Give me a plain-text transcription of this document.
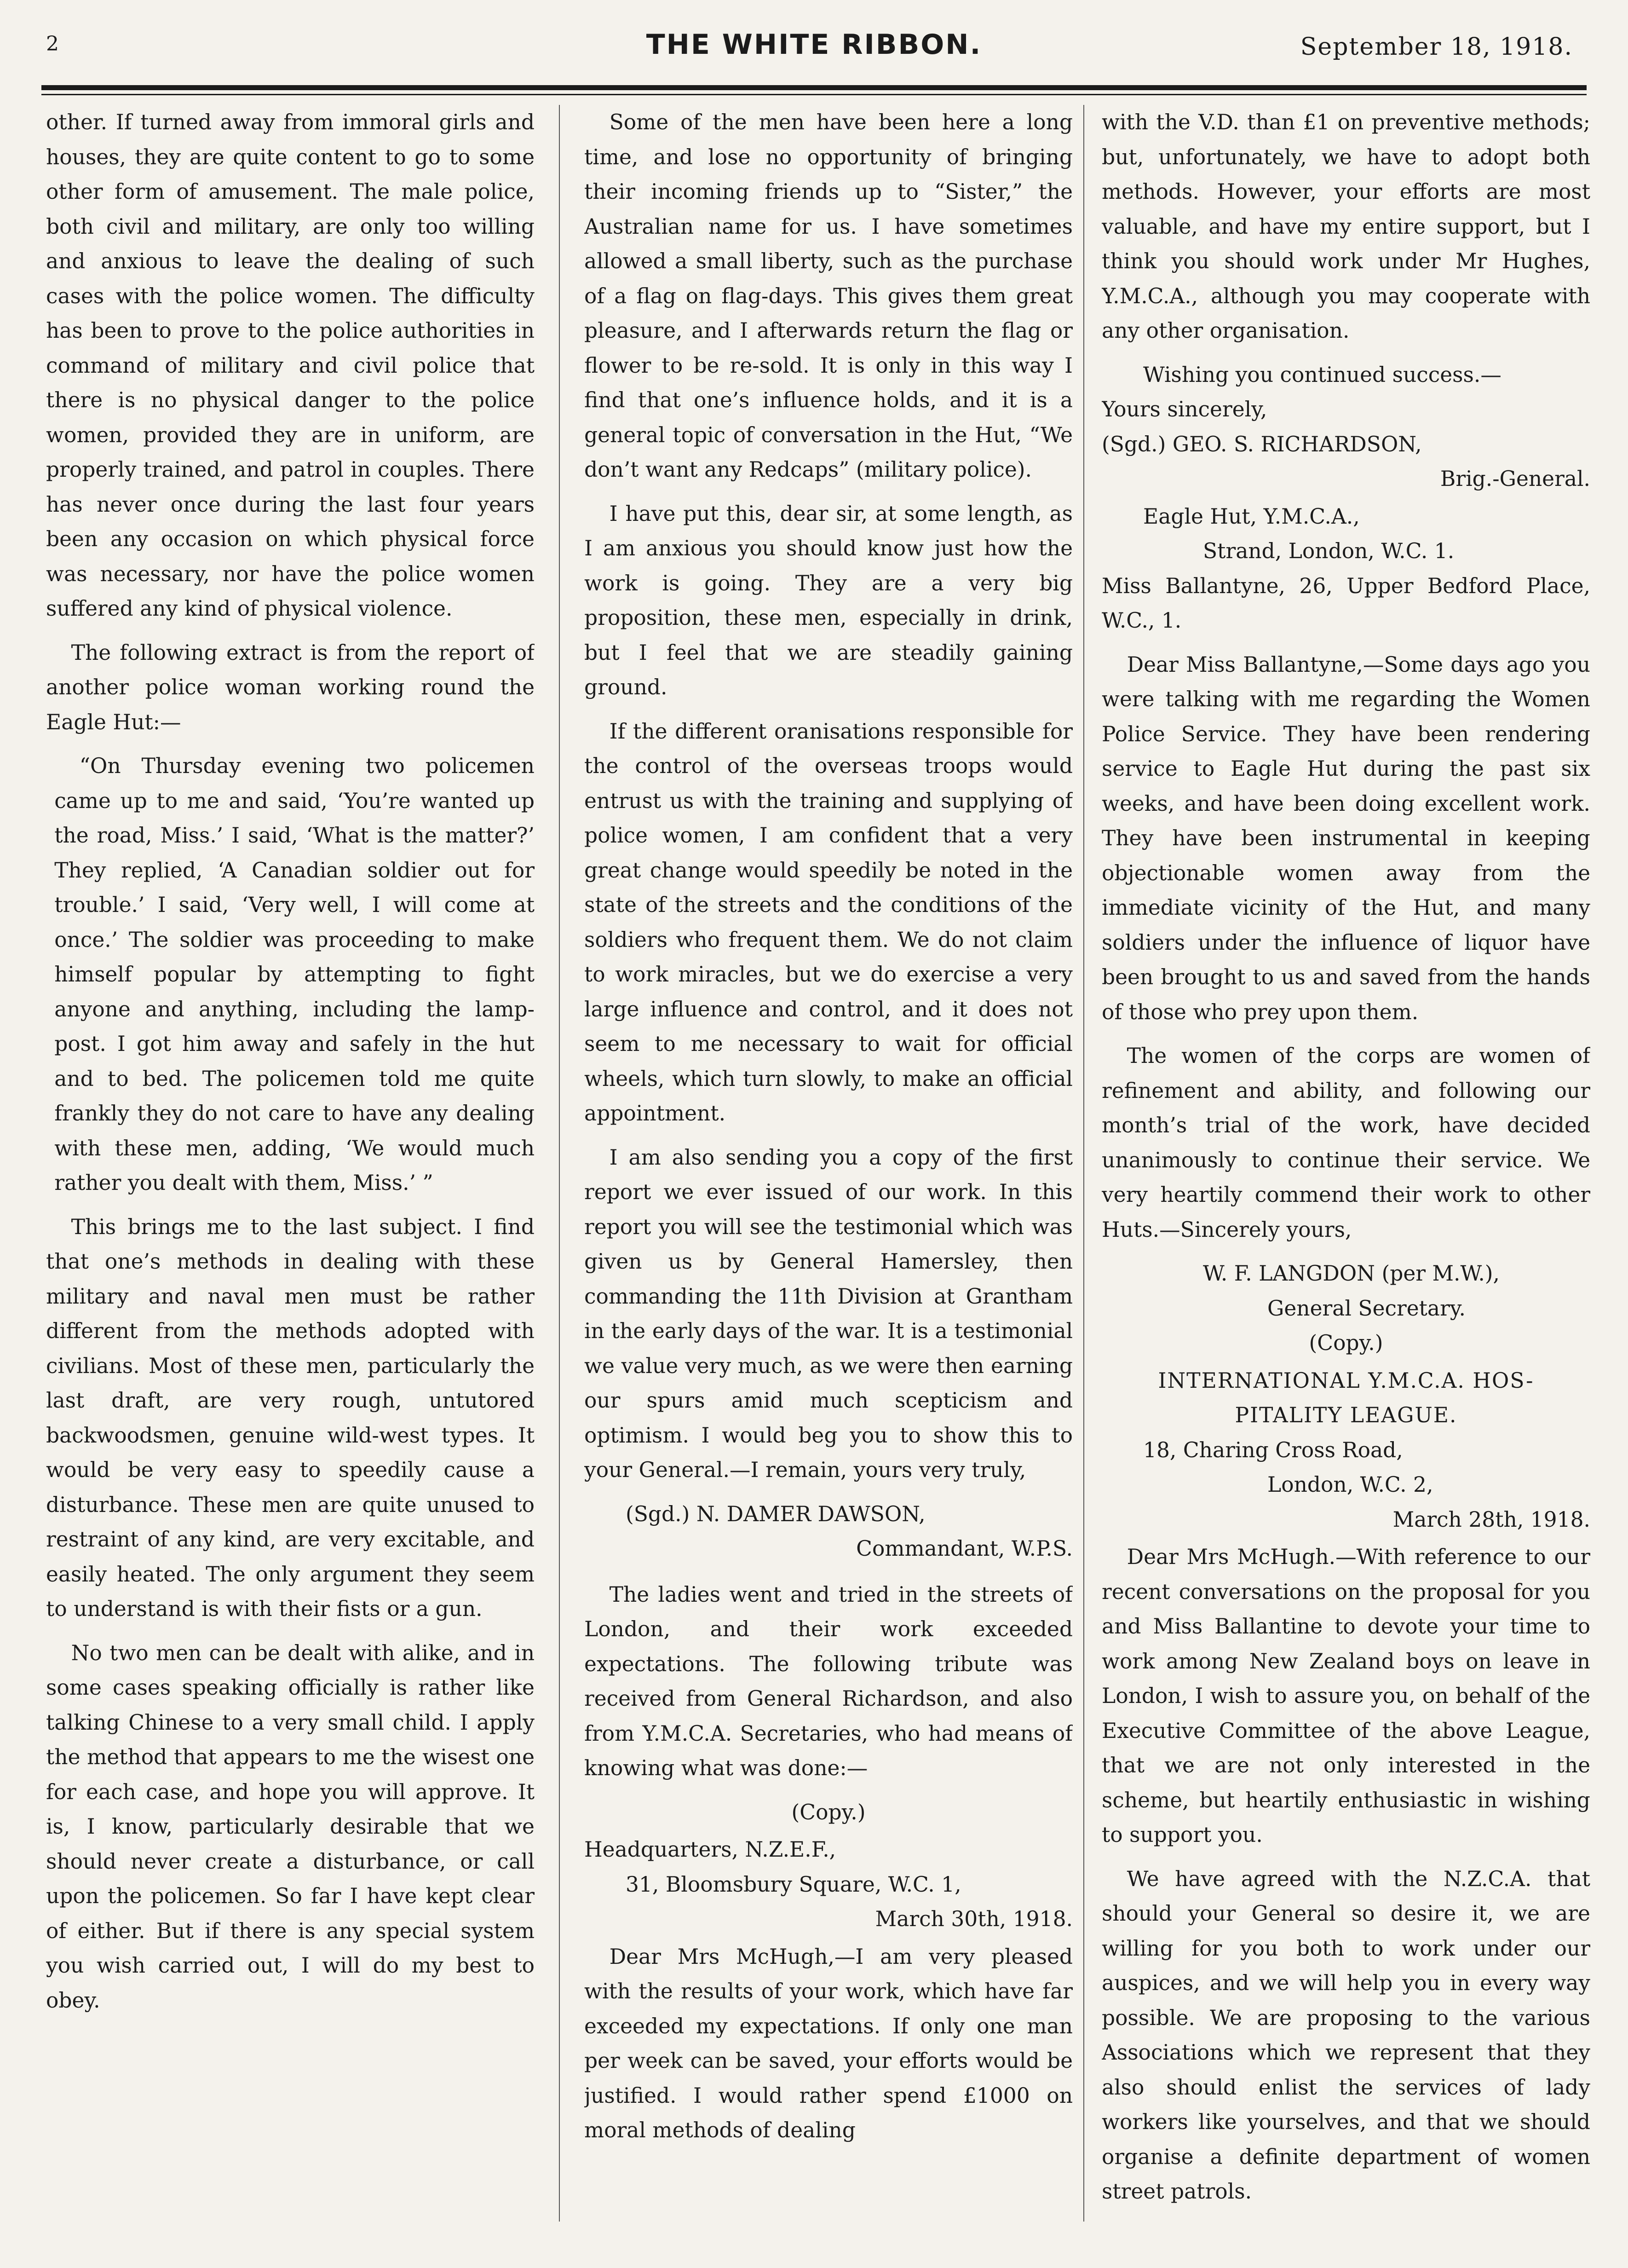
2	THE WHITE RIBBON.	September 18, 1918.

other. If turned away from immoral girls and houses, they are quite content to go to some other form of amusement. The male police, both civil and military, are only too willing and anxious to leave the dealing of such cases with the police women. The difficulty has been to prove to the police authorities in command of military and civil police that there is no physical danger to the police women, provided they are in uniform, are properly trained, and patrol in couples. There has never once during the last four years been any occasion on which physical force was necessary, nor have the police women suffered any kind of physical violence.

The following extract is from the report of another police woman working round the Eagle Hut:—

“On Thursday evening two policemen came up to me and said, ‘You’re wanted up the road, Miss.’ I said, ‘What is the matter?’ They replied, ‘A Canadian soldier out for trouble.’ I said, ‘Very well, I will come at once.’ The soldier was proceeding to make himself popular by attempting to fight anyone and anything, including the lamp-post. I got him away and safely in the hut and to bed. The policemen told me quite frankly they do not care to have any dealing with these men, adding, ‘We would much rather you dealt with them, Miss.’ ”

This brings me to the last subject. I find that one’s methods in dealing with these military and naval men must be rather different from the methods adopted with civilians. Most of these men, particularly the last draft, are very rough, untutored backwoodsmen, genuine wild-west types. It would be very easy to speedily cause a disturbance. These men are quite unused to restraint of any kind, are very excitable, and easily heated. The only argument they seem to understand is with their fists or a gun.

No two men can be dealt with alike, and in some cases speaking officially is rather like talking Chinese to a very small child. I apply the method that appears to me the wisest one for each case, and hope you will approve. It is, I know, particularly desirable that we should never create a disturbance, or call upon the policemen. So far I have kept clear of either. But if there is any special system you wish carried out, I will do my best to obey.

Some of the men have been here a long time, and lose no opportunity of bringing their incoming friends up to “Sister,” the Australian name for us. I have sometimes allowed a small liberty, such as the purchase of a flag on flag-days. This gives them great pleasure, and I afterwards return the flag or flower to be re-sold. It is only in this way I find that one’s influence holds, and it is a general topic of conversation in the Hut, “We don’t want any Redcaps” (military police).

I have put this, dear sir, at some length, as I am anxious you should know just how the work is going. They are a very big proposition, these men, especially in drink, but I feel that we are steadily gaining ground.

If the different oranisations responsible for the control of the overseas troops would entrust us with the training and supplying of police women, I am confident that a very great change would speedily be noted in the state of the streets and the conditions of the soldiers who frequent them. We do not claim to work miracles, but we do exercise a very large influence and control, and it does not seem to me necessary to wait for official wheels, which turn slowly, to make an official appointment.

I am also sending you a copy of the first report we ever issued of our work. In this report you will see the testimonial which was given us by General Hamersley, then commanding the 11th Division at Grantham in the early days of the war. It is a testimonial we value very much, as we were then earning our spurs amid much scepticism and optimism. I would beg you to show this to your General.—I remain, yours very truly,

(Sgd.) N. DAMER DAWSON,
Commandant, W.P.S.

The ladies went and tried in the streets of London, and their work exceeded expectations. The following tribute was received from General Richardson, and also from Y.M.C.A. Secretaries, who had means of knowing what was done:—

(Copy.)
Headquarters, N.Z.E.F.,
31, Bloomsbury Square, W.C. 1,
March 30th, 1918.

Dear Mrs McHugh,—I am very pleased with the results of your work, which have far exceeded my expectations. If only one man per week can be saved, your efforts would be justified. I would rather spend £1000 on moral methods of dealing

with the V.D. than £1 on preventive methods; but, unfortunately, we have to adopt both methods. However, your efforts are most valuable, and have my entire support, but I think you should work under Mr Hughes, Y.M.C.A., although you may cooperate with any other organisation.

Wishing you continued success.—
Yours sincerely,
(Sgd.) GEO. S. RICHARDSON,
Brig.-General.
Eagle Hut, Y.M.C.A.,
Strand, London, W.C. 1.

Miss Ballantyne, 26, Upper Bedford Place, W.C., 1.

Dear Miss Ballantyne,—Some days ago you were talking with me regarding the Women Police Service. They have been rendering service to Eagle Hut during the past six weeks, and have been doing excellent work. They have been instrumental in keeping objectionable women away from the immediate vicinity of the Hut, and many soldiers under the influence of liquor have been brought to us and saved from the hands of those who prey upon them.

The women of the corps are women of refinement and ability, and following our month’s trial of the work, have decided unanimously to continue their service. We very heartily commend their work to other Huts.—Sincerely yours,

W. F. LANGDON (per M.W.),
General Secretary.
(Copy.)
INTERNATIONAL Y.M.C.A. HOS-
PITALITY LEAGUE.
18, Charing Cross Road,
London, W.C. 2,
March 28th, 1918.

Dear Mrs McHugh.—With reference to our recent conversations on the proposal for you and Miss Ballantine to devote your time to work among New Zealand boys on leave in London, I wish to assure you, on behalf of the Executive Committee of the above League, that we are not only interested in the scheme, but heartily enthusiastic in wishing to support you.

We have agreed with the N.Z.C.A. that should your General so desire it, we are willing for you both to work under our auspices, and we will help you in every way possible. We are proposing to the various Associations which we represent that they also should enlist the services of lady workers like yourselves, and that we should organise a definite department of women street patrols.
